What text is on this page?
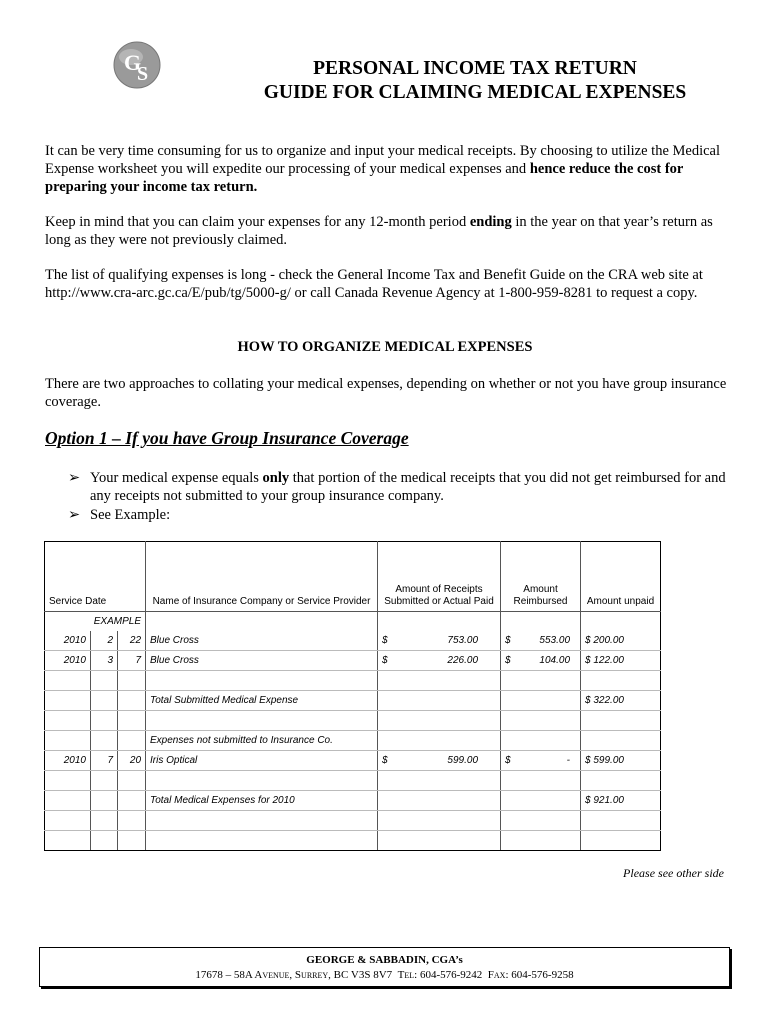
G
S	PERSONAL INCOME TAX RETURN
GUIDE FOR CLAIMING MEDICAL EXPENSES
It can be very time consuming for us to organize and input your medical receipts. By choosing to utilize the Medical Expense worksheet you will expedite our processing of your medical expenses and hence reduce the cost for preparing your income tax return.
Keep in mind that you can claim your expenses for any 12-month period ending in the year on that year’s return as long as they were not previously claimed.
The list of qualifying expenses is long - check the General Income Tax and Benefit Guide on the CRA web site at http://www.cra-arc.gc.ca/E/pub/tg/5000-g/ or call Canada Revenue Agency at 1-800-959-8281 to request a copy.
HOW TO ORGANIZE MEDICAL EXPENSES
There are two approaches to collating your medical expenses, depending on whether or not you have group insurance coverage.
Option 1 – If you have Group Insurance Coverage
➢ Your medical expense equals only that portion of the medical receipts that you did not get reimbursed for and any receipts not submitted to your group insurance company.
➢ See Example:
Service Date			Name of Insurance Company or Service Provider	Amount of Receipts Submitted or Actual Paid	Amount Reimbursed	Amount unpaid
EXAMPLE						
2010	2	22	Blue Cross	$ 753.00	$ 553.00	$ 200.00
2010	3	7	Blue Cross	$ 226.00	$ 104.00	$ 122.00

			Total Submitted Medical Expense			$ 322.00

			Expenses not submitted to Insurance Co.	

2010	7	20	Iris Optical	$ 599.00	$ -	$ 599.00

			Total Medical Expenses for 2010			$ 921.00

Please see other side
GEORGE & SABBADIN, CGA’s
17678 – 58A Avenue, Surrey, BC V3S 8V7 Tel: 604-576-9242 Fax: 604-576-9258
